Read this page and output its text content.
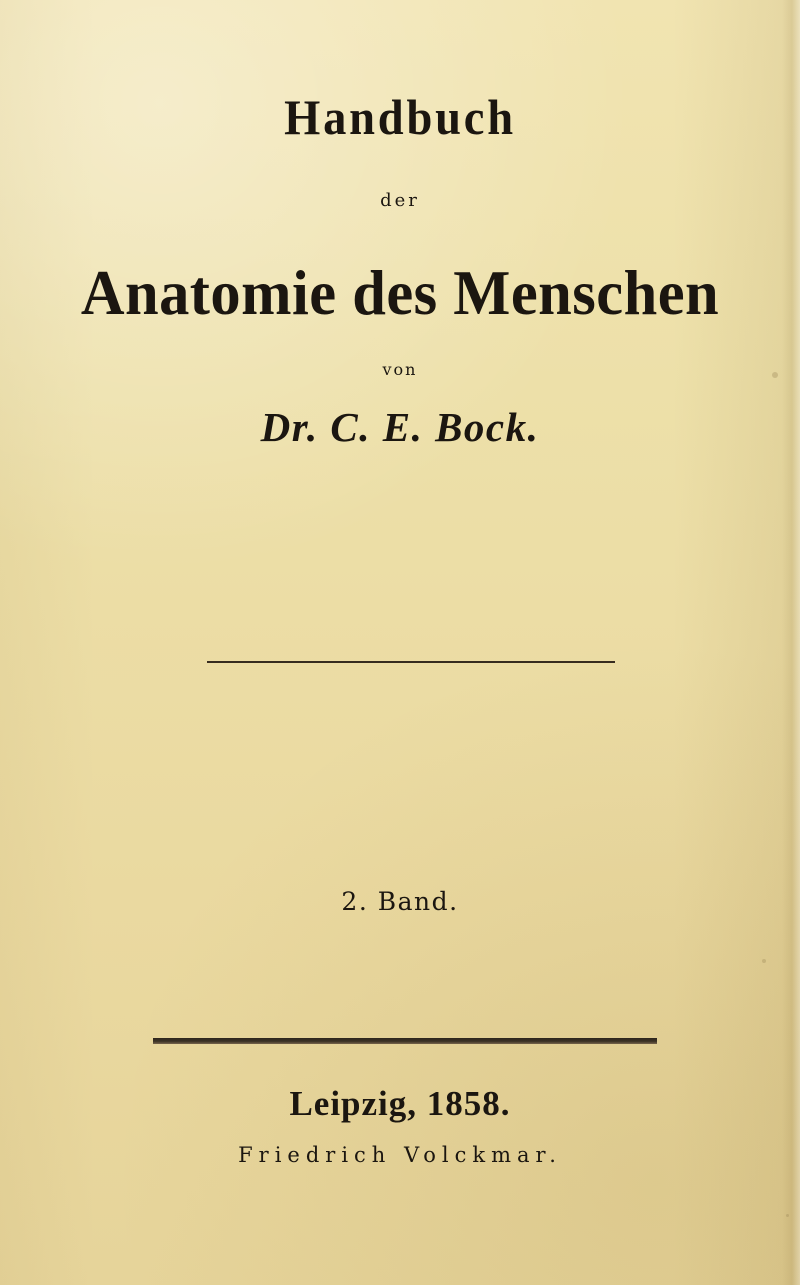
Handbuch
der
Anatomie des Menschen
von
Dr. C. E. Bock.
2. Band.
Leipzig, 1858.
Friedrich Volckmar.
